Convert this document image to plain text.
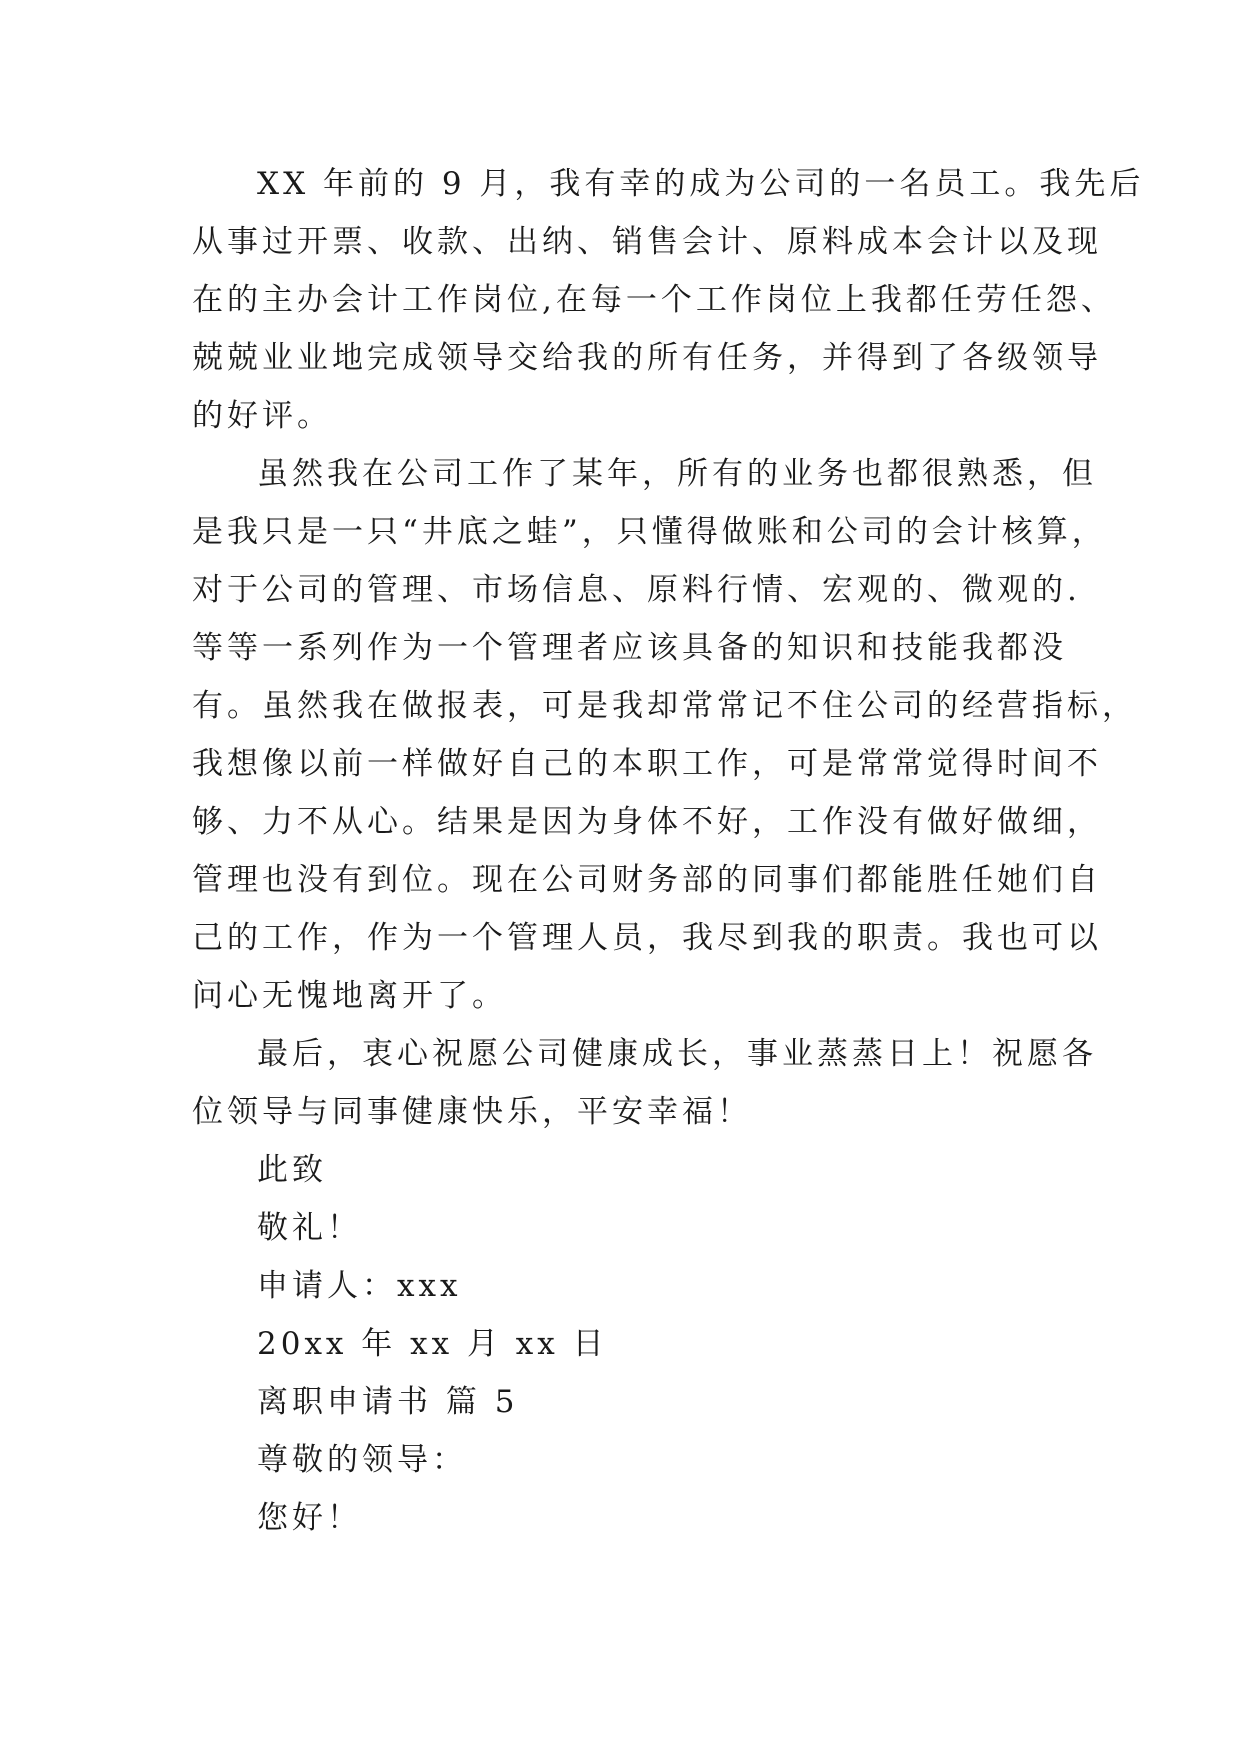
XX 年前的 9 月，我有幸的成为公司的一名员工。我先后
从事过开票、收款、出纳、销售会计、原料成本会计以及现
在的主办会计工作岗位,在每一个工作岗位上我都任劳任怨、
兢兢业业地完成领导交给我的所有任务，并得到了各级领导
的好评。
虽然我在公司工作了某年，所有的业务也都很熟悉，但
是我只是一只“井底之蛙”，只懂得做账和公司的会计核算，
对于公司的管理、市场信息、原料行情、宏观的、微观的.
等等一系列作为一个管理者应该具备的知识和技能我都没
有。虽然我在做报表，可是我却常常记不住公司的经营指标，
我想像以前一样做好自己的本职工作，可是常常觉得时间不
够、力不从心。结果是因为身体不好，工作没有做好做细，
管理也没有到位。现在公司财务部的同事们都能胜任她们自
己的工作，作为一个管理人员，我尽到我的职责。我也可以
问心无愧地离开了。
最后，衷心祝愿公司健康成长，事业蒸蒸日上！祝愿各
位领导与同事健康快乐，平安幸福！
此致
敬礼！
申请人：xxx
20xx 年 xx 月 xx 日
离职申请书 篇 5
尊敬的领导：
您好！
